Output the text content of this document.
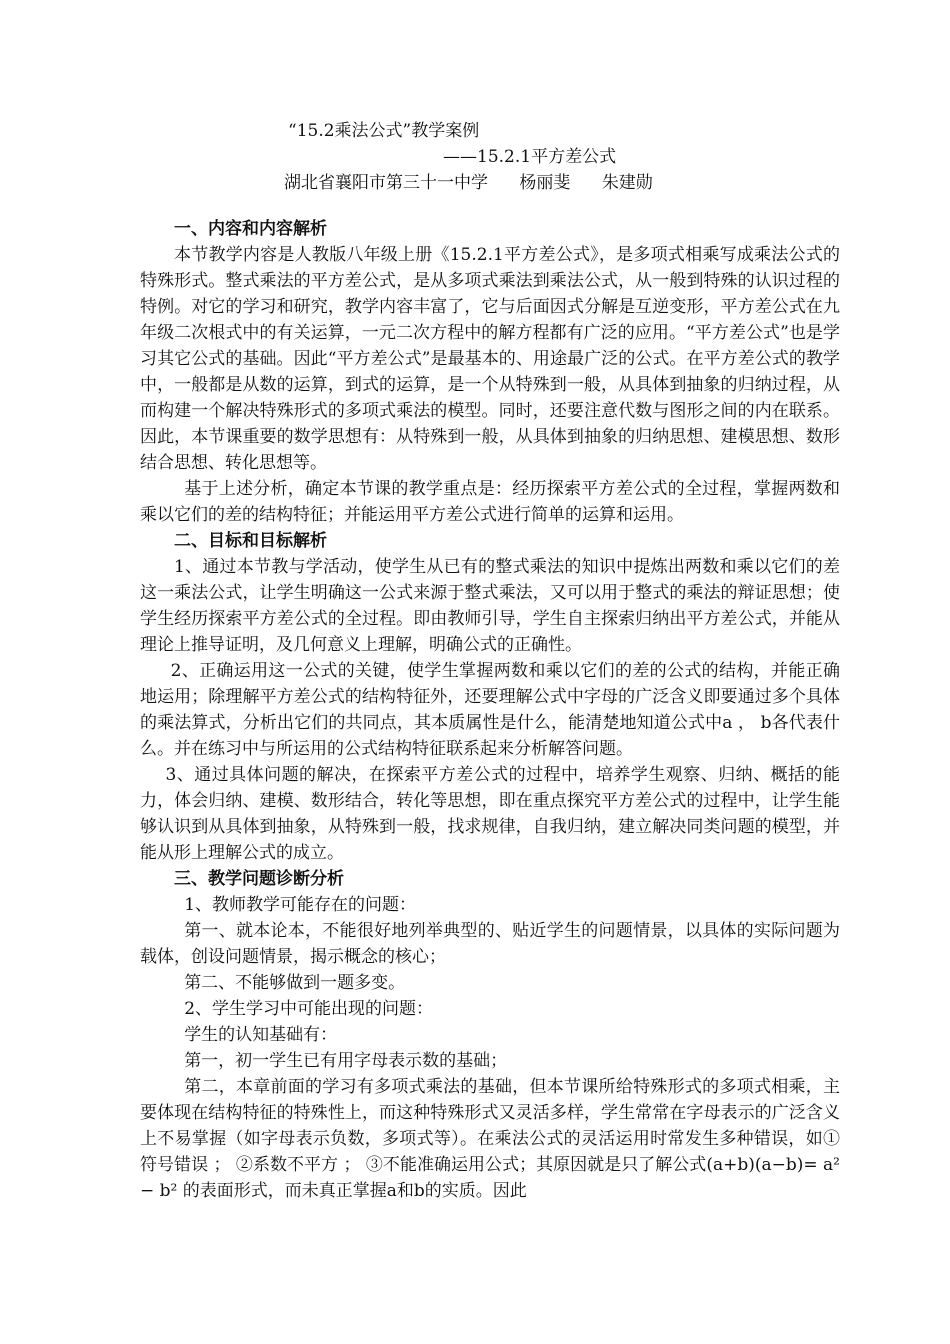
“15.2乘法公式”教学案例
——15.2.1平方差公式
湖北省襄阳市第三十一中学 杨丽斐 朱建勋
一、内容和内容解析
本节教学内容是人教版八年级上册《15.2.1平方差公式》，是多项式相乘写成乘法公式的特殊形式。整式乘法的平方差公式，是从多项式乘法到乘法公式，从一般到特殊的认识过程的特例。对它的学习和研究，教学内容丰富了，它与后面因式分解是互逆变形，平方差公式在九年级二次根式中的有关运算，一元二次方程中的解方程都有广泛的应用。“平方差公式”也是学习其它公式的基础。因此“平方差公式”是最基本的、用途最广泛的公式。在平方差公式的教学中，一般都是从数的运算，到式的运算，是一个从特殊到一般，从具体到抽象的归纳过程，从而构建一个解决特殊形式的多项式乘法的模型。同时，还要注意代数与图形之间的内在联系。因此，本节课重要的数学思想有：从特殊到一般，从具体到抽象的归纳思想、建模思想、数形结合思想、转化思想等。
基于上述分析，确定本节课的教学重点是：经历探索平方差公式的全过程，掌握两数和乘以它们的差的结构特征；并能运用平方差公式进行简单的运算和运用。
二、目标和目标解析
1、通过本节教与学活动，使学生从已有的整式乘法的知识中提炼出两数和乘以它们的差这一乘法公式，让学生明确这一公式来源于整式乘法，又可以用于整式的乘法的辩证思想；使学生经历探索平方差公式的全过程。即由教师引导，学生自主探索归纳出平方差公式，并能从理论上推导证明，及几何意义上理解，明确公式的正确性。
2、正确运用这一公式的关键，使学生掌握两数和乘以它们的差的公式的结构，并能正确地运用；除理解平方差公式的结构特征外，还要理解公式中字母的广泛含义即要通过多个具体的乘法算式，分析出它们的共同点，其本质属性是什么，能清楚地知道公式中a ， b各代表什么。并在练习中与所运用的公式结构特征联系起来分析解答问题。
3、通过具体问题的解决，在探索平方差公式的过程中，培养学生观察、归纳、概括的能力，体会归纳、建模、数形结合，转化等思想，即在重点探究平方差公式的过程中，让学生能够认识到从具体到抽象，从特殊到一般，找求规律，自我归纳，建立解决同类问题的模型，并能从形上理解公式的成立。
三、教学问题诊断分析
1、教师教学可能存在的问题：
第一、就本论本，不能很好地列举典型的、贴近学生的问题情景，以具体的实际问题为载体，创设问题情景，揭示概念的核心；
第二、不能够做到一题多变。
2、学生学习中可能出现的问题：
学生的认知基础有：
第一，初一学生已有用字母表示数的基础；
第二，本章前面的学习有多项式乘法的基础，但本节课所给特殊形式的多项式相乘，主要体现在结构特征的特殊性上，而这种特殊形式又灵活多样，学生常常在字母表示的广泛含义上不易掌握（如字母表示负数，多项式等）。在乘法公式的灵活运用时常发生多种错误，如①符号错误 ； ②系数不平方 ； ③不能准确运用公式；其原因就是只了解公式(a+b)(a−b)= a² − b² 的表面形式，而未真正掌握a和b的实质。因此
